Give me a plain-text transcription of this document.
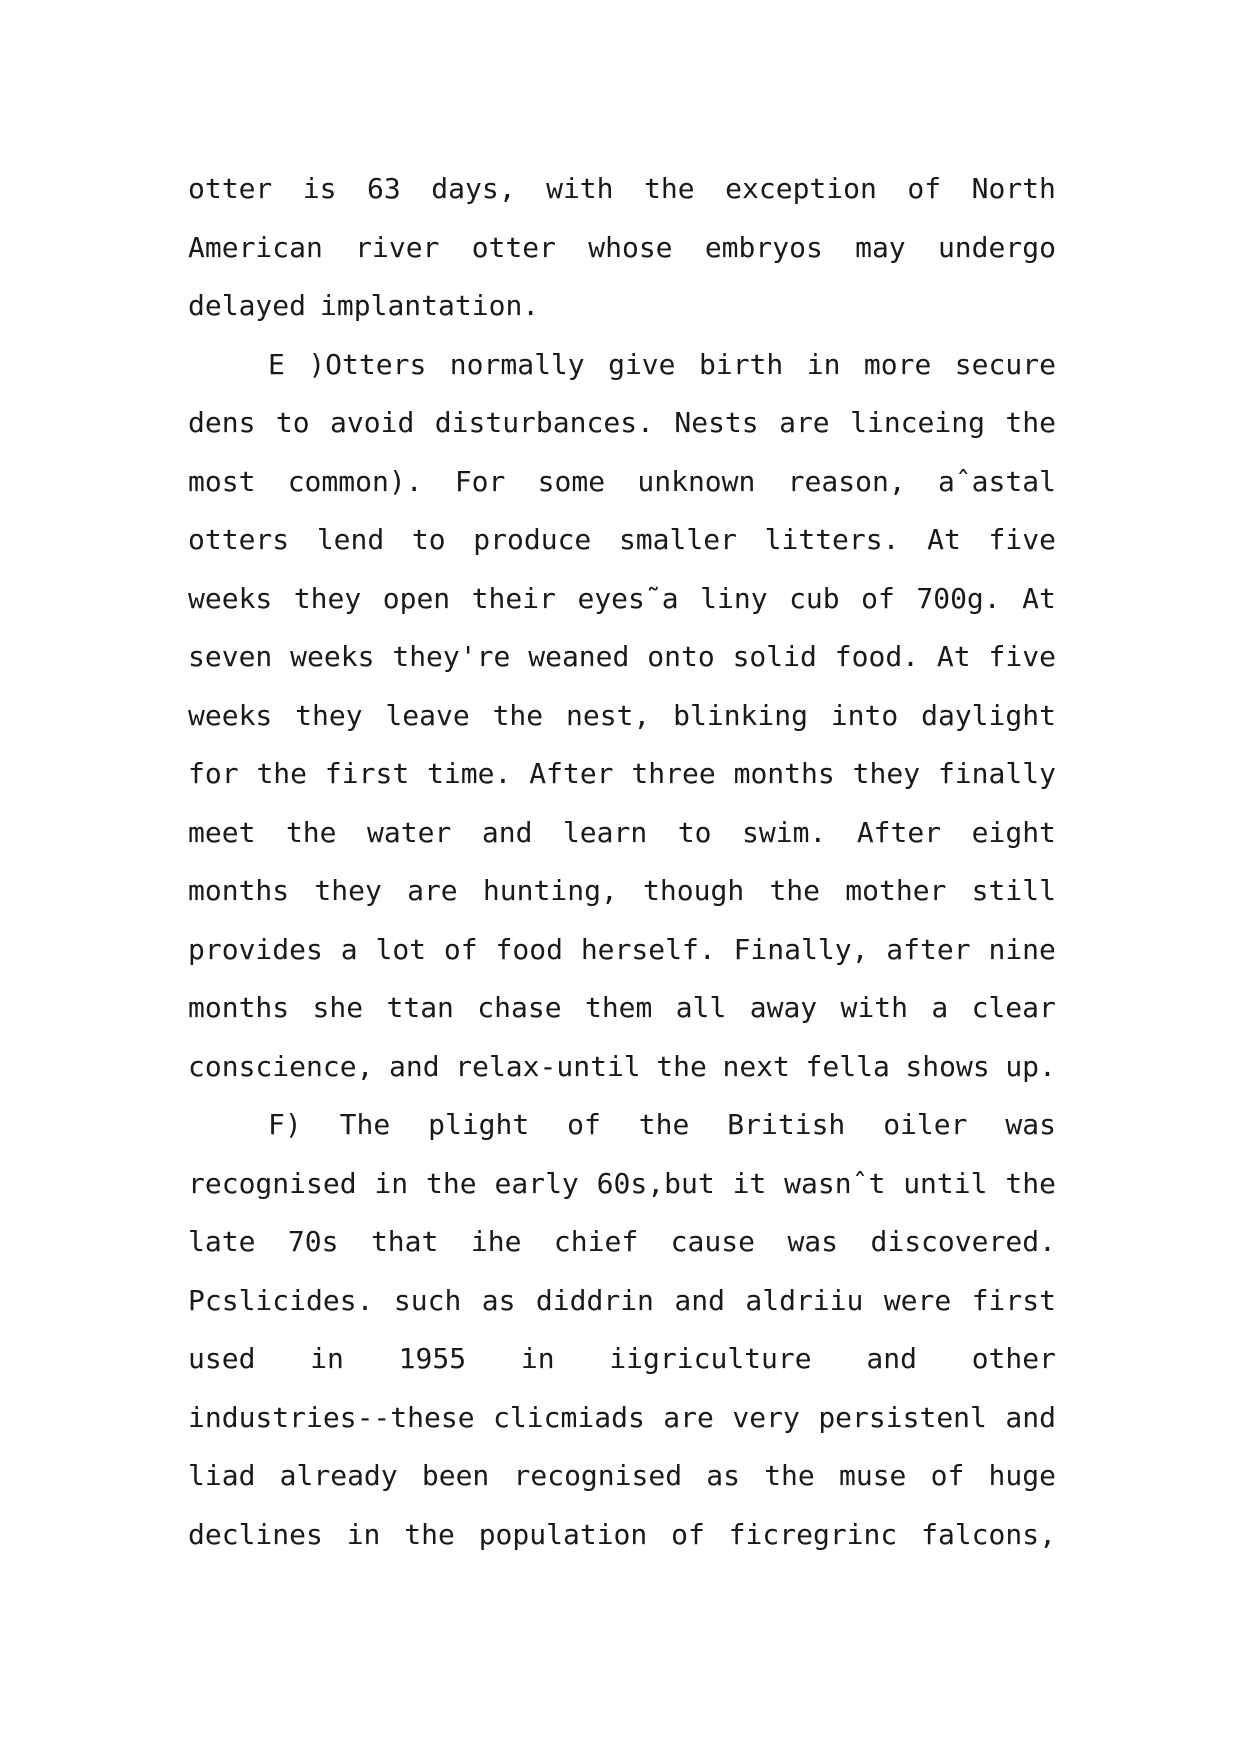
otter is 63 days, with the exception of North
American river otter whose embryos may undergo
delayed implantation.
E )Otters normally give birth in more secure
dens to avoid disturbances. Nests are linceing the
most common). For some unknown reason, aˆastal
otters lend to produce smaller litters. At five
weeks they open their eyes˜a liny cub of 700g. At
seven weeks they're weaned onto solid food. At five
weeks they leave the nest, blinking into daylight
for the first time. After three months they finally
meet the water and learn to swim. After eight
months they are hunting, though the mother still
provides a lot of food herself. Finally, after nine
months she ttan chase them all away with a clear
conscience, and relax-until the next fella shows up.
F) The plight of the British oiler was
recognised in the early 60s,but it wasnˆt until the
late 70s that ihe chief cause was discovered.
Pcslicides. such as diddrin and aldriiu were first
used in 1955 in iigriculture and other
industries--these clicmiads are very persistenl and
liad already been recognised as the muse of huge
declines in the population of ficregrinc falcons,
